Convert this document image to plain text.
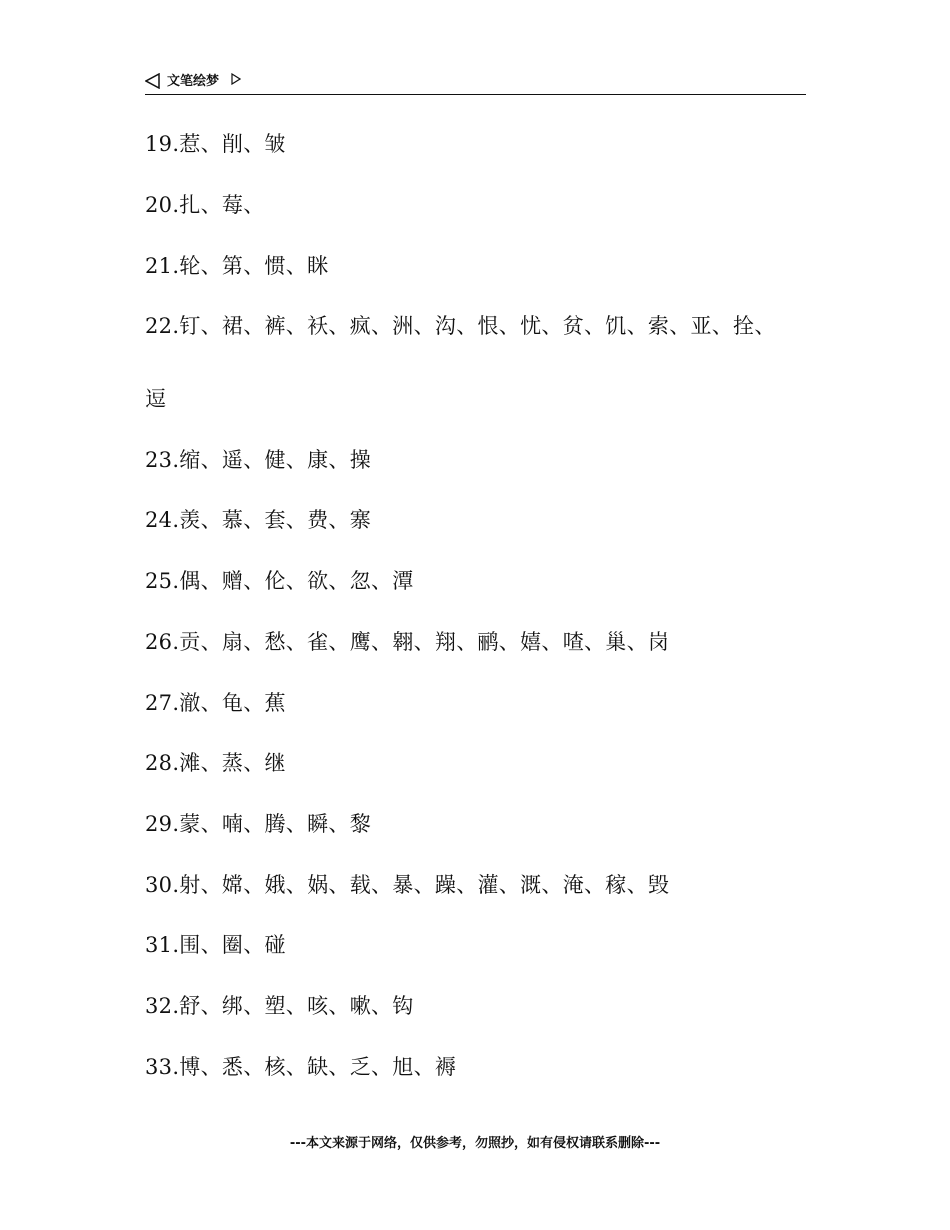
文笔绘梦
19.惹、削、皱
20.扎、莓、
21.轮、第、惯、眯
22.钉、裙、裤、袄、疯、洲、沟、恨、忧、贫、饥、索、亚、拴、
逗
23.缩、遥、健、康、操
24.羡、慕、套、费、寨
25.偶、赠、伦、欲、忽、潭
26.贡、扇、愁、雀、鹰、翱、翔、鹂、嬉、喳、巢、岗
27.澈、龟、蕉
28.滩、蒸、继
29.蒙、喃、腾、瞬、黎
30.射、嫦、娥、娲、载、暴、躁、灌、溉、淹、稼、毁
31.围、圈、碰
32.舒、绑、塑、咳、嗽、钩
33.博、悉、核、缺、乏、旭、褥
---本文来源于网络，仅供参考，勿照抄，如有侵权请联系删除---
